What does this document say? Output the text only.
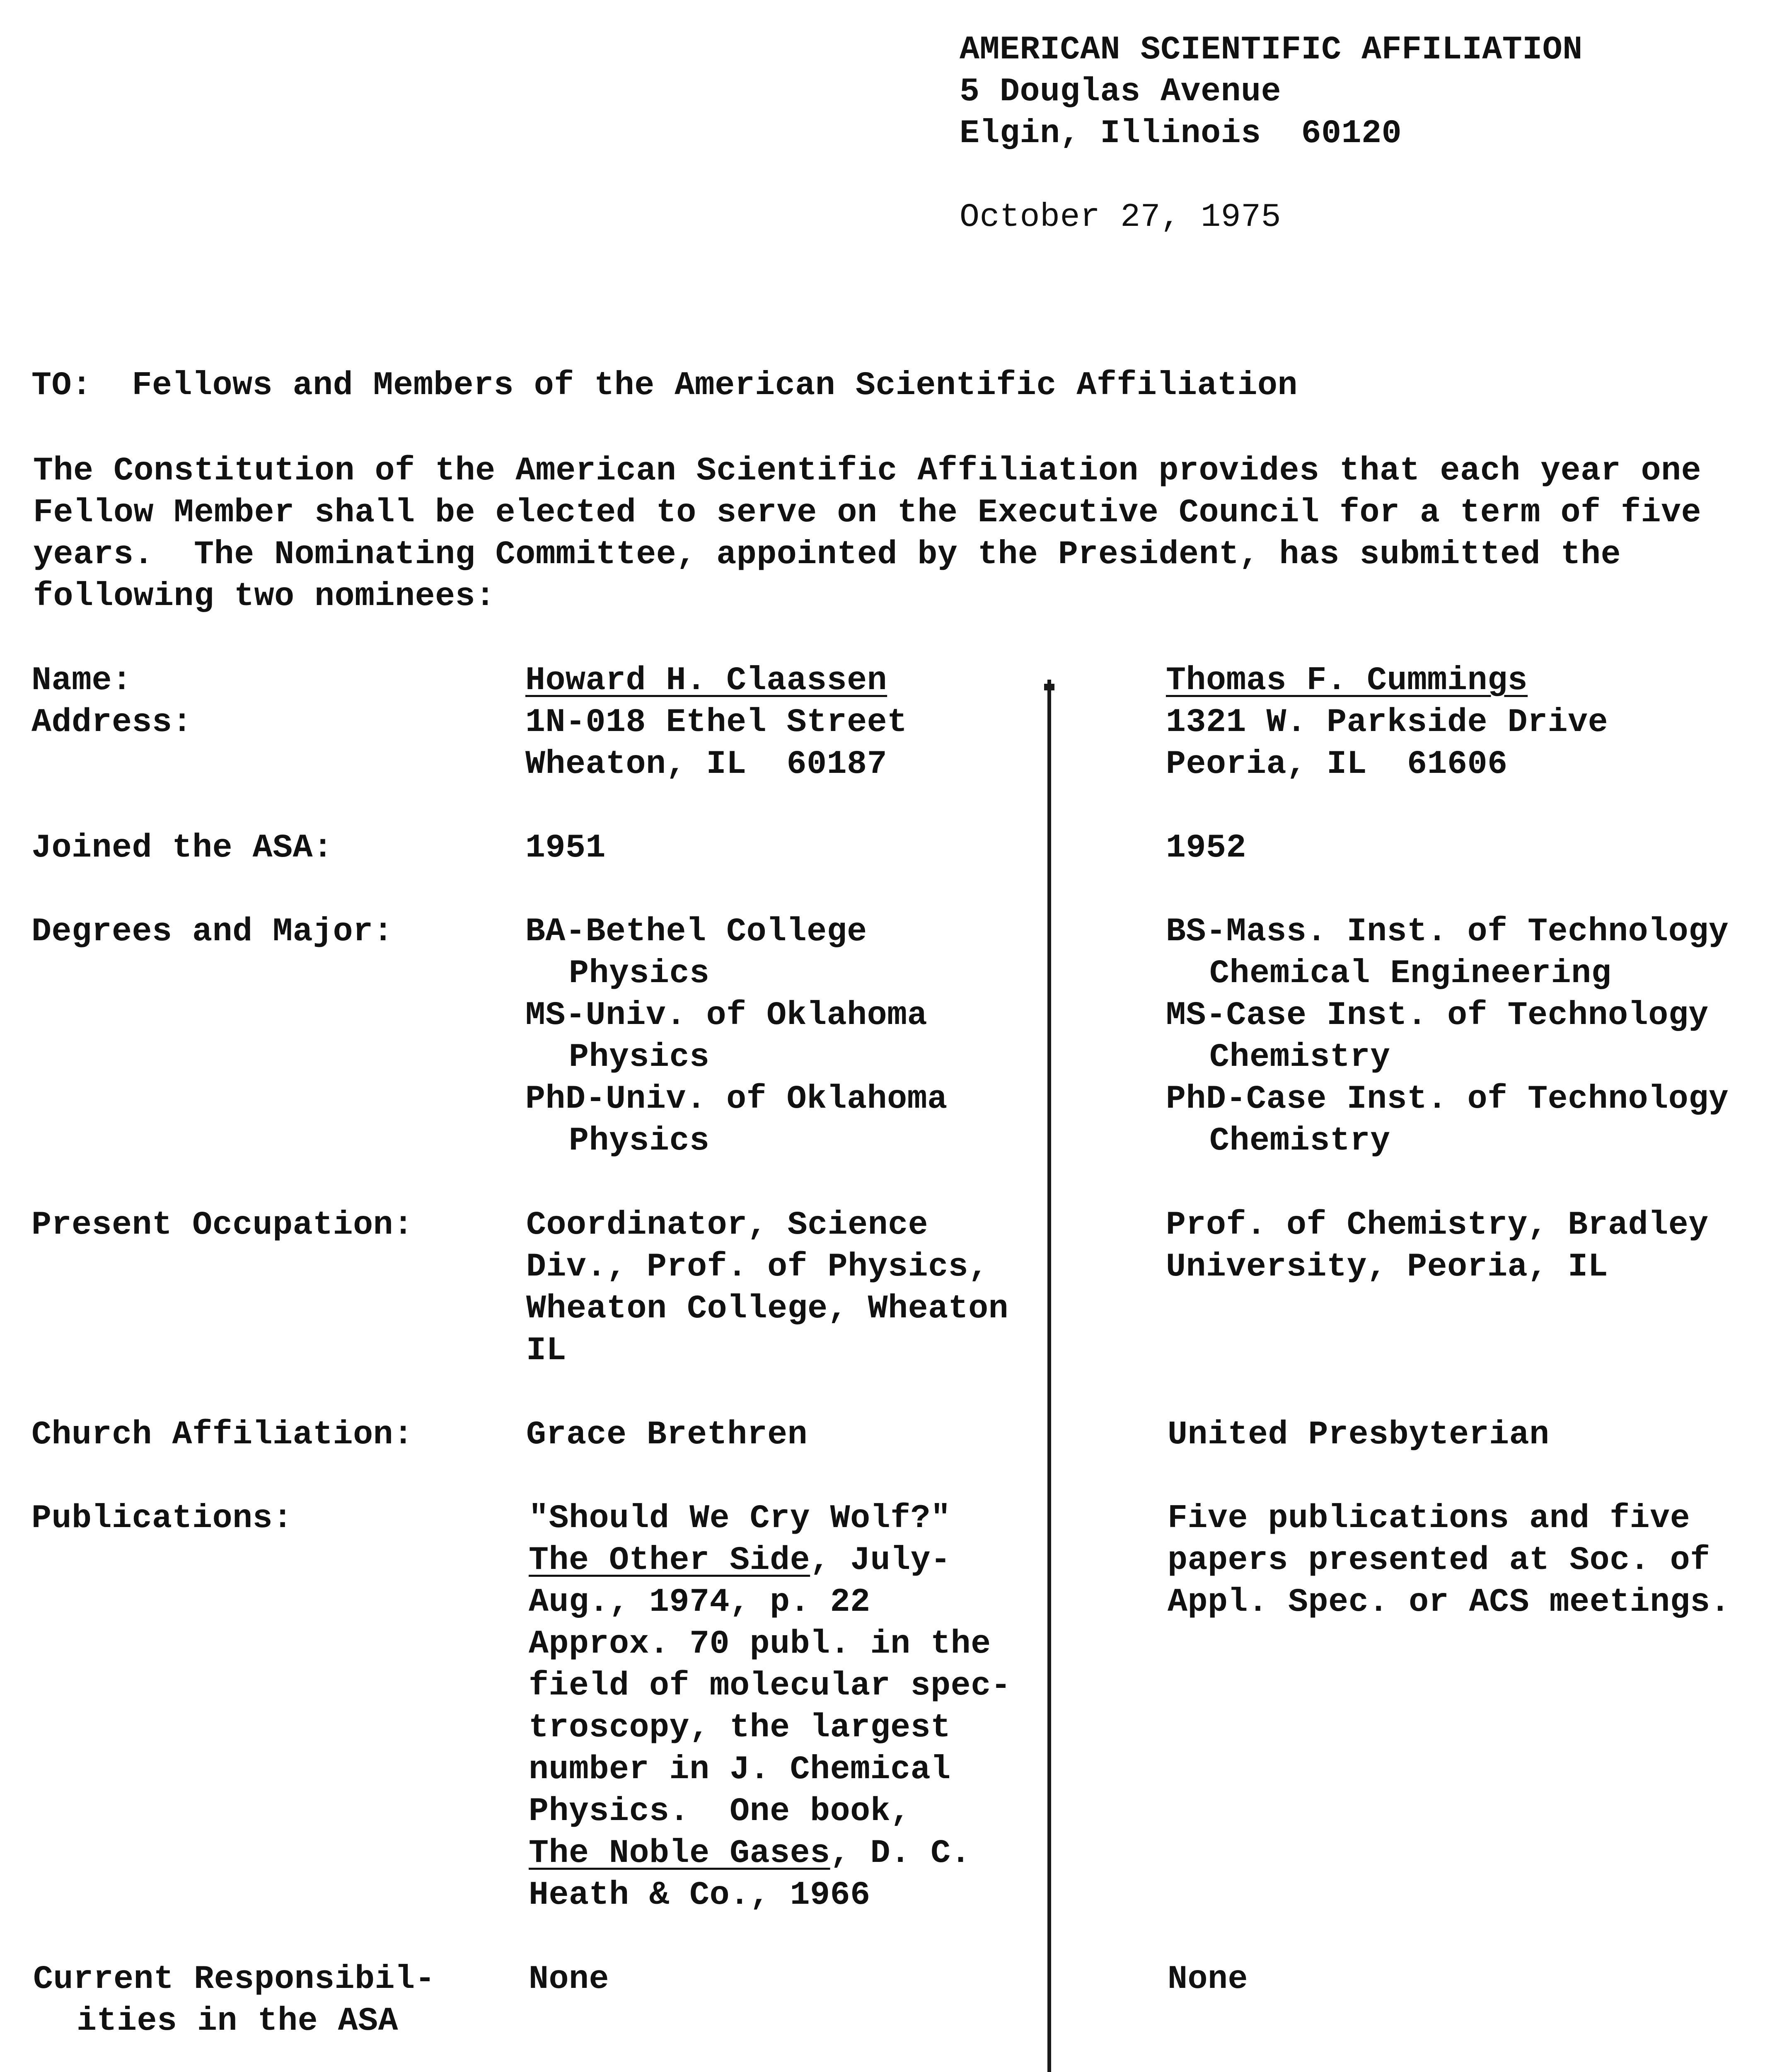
AMERICAN SCIENTIFIC AFFILIATION
5 Douglas Avenue
Elgin, Illinois  60120
October 27, 1975
TO:  Fellows and Members of the American Scientific Affiliation
The Constitution of the American Scientific Affiliation provides that each year one
Fellow Member shall be elected to serve on the Executive Council for a term of five
years.  The Nominating Committee, appointed by the President, has submitted the
following two nominees:
Name:
Address:
Joined the ASA:
Degrees and Major:
Present Occupation:
Church Affiliation:
Publications:
Current Responsibil-
ities in the ASA
Howard H. Claassen
1N-018 Ethel Street
Wheaton, IL  60187
1951
BA-Bethel College
Physics
MS-Univ. of Oklahoma
Physics
PhD-Univ. of Oklahoma
Physics
Coordinator, Science
Div., Prof. of Physics,
Wheaton College, Wheaton
IL
Grace Brethren
"Should We Cry Wolf?"
The Other Side, July-
Aug., 1974, p. 22
Approx. 70 publ. in the
field of molecular spec-
troscopy, the largest
number in J. Chemical
Physics.  One book,
The Noble Gases, D. C.
Heath & Co., 1966
None
Thomas F. Cummings
1321 W. Parkside Drive
Peoria, IL  61606
1952
BS-Mass. Inst. of Technology
Chemical Engineering
MS-Case Inst. of Technology
Chemistry
PhD-Case Inst. of Technology
Chemistry
Prof. of Chemistry, Bradley
University, Peoria, IL
United Presbyterian
Five publications and five
papers presented at Soc. of
Appl. Spec. or ACS meetings.
None
